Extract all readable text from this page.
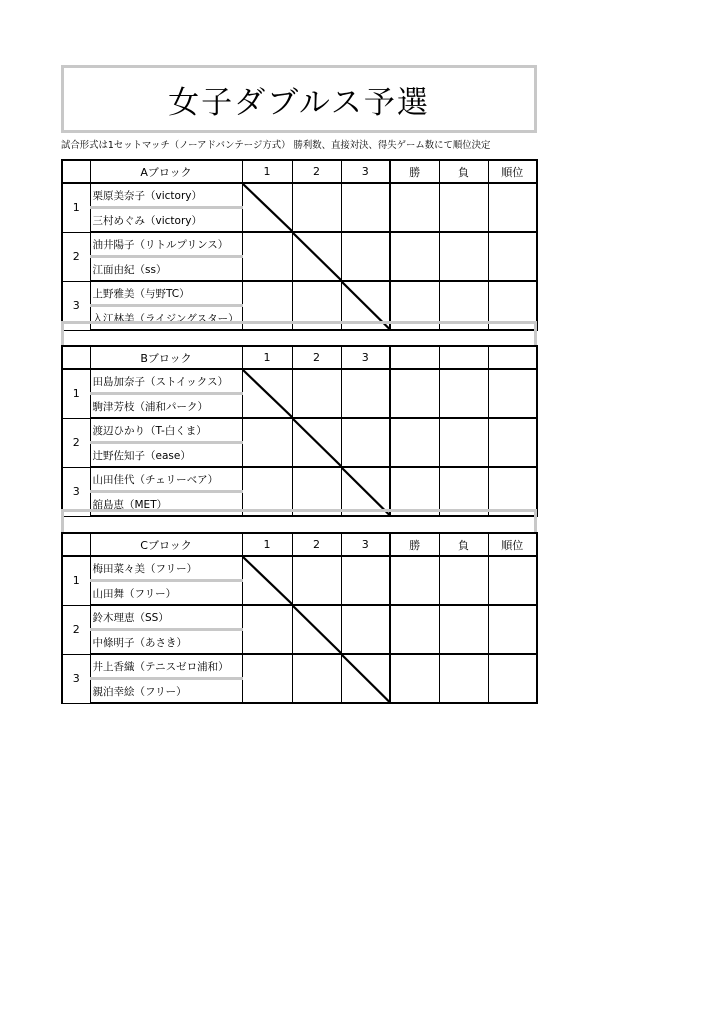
女子ダブルス予選
試合形式は1セットマッチ（ノーアドバンテージ方式） 勝利数、直接対決、得失ゲーム数にて順位決定
	Aブロック	1	2	3	勝	負	順位
1	栗原美奈子（victory）	

	三村めぐみ（victory）						
2	油井陽子（リトルプリンス）		

	江面由紀（ss）						
3	上野雅美（与野TC）			

	入江林美（ライジングスター）						
	Bブロック	1	2	3			
1	田島加奈子（ストイックス）	

	駒津芳枝（浦和パーク）						
2	渡辺ひかり（T-白くま）		

	辻野佐知子（ease）						
3	山田佳代（チェリーベア）			

	舘島恵（MET）						
	Cブロック	1	2	3	勝	負	順位
1	梅田菜々美（フリー）	

	山田舞（フリー）						
2	鈴木理恵（SS）		

	中條明子（あさき）						
3	井上香織（テニスゼロ浦和）			

	親泊幸絵（フリー）						
